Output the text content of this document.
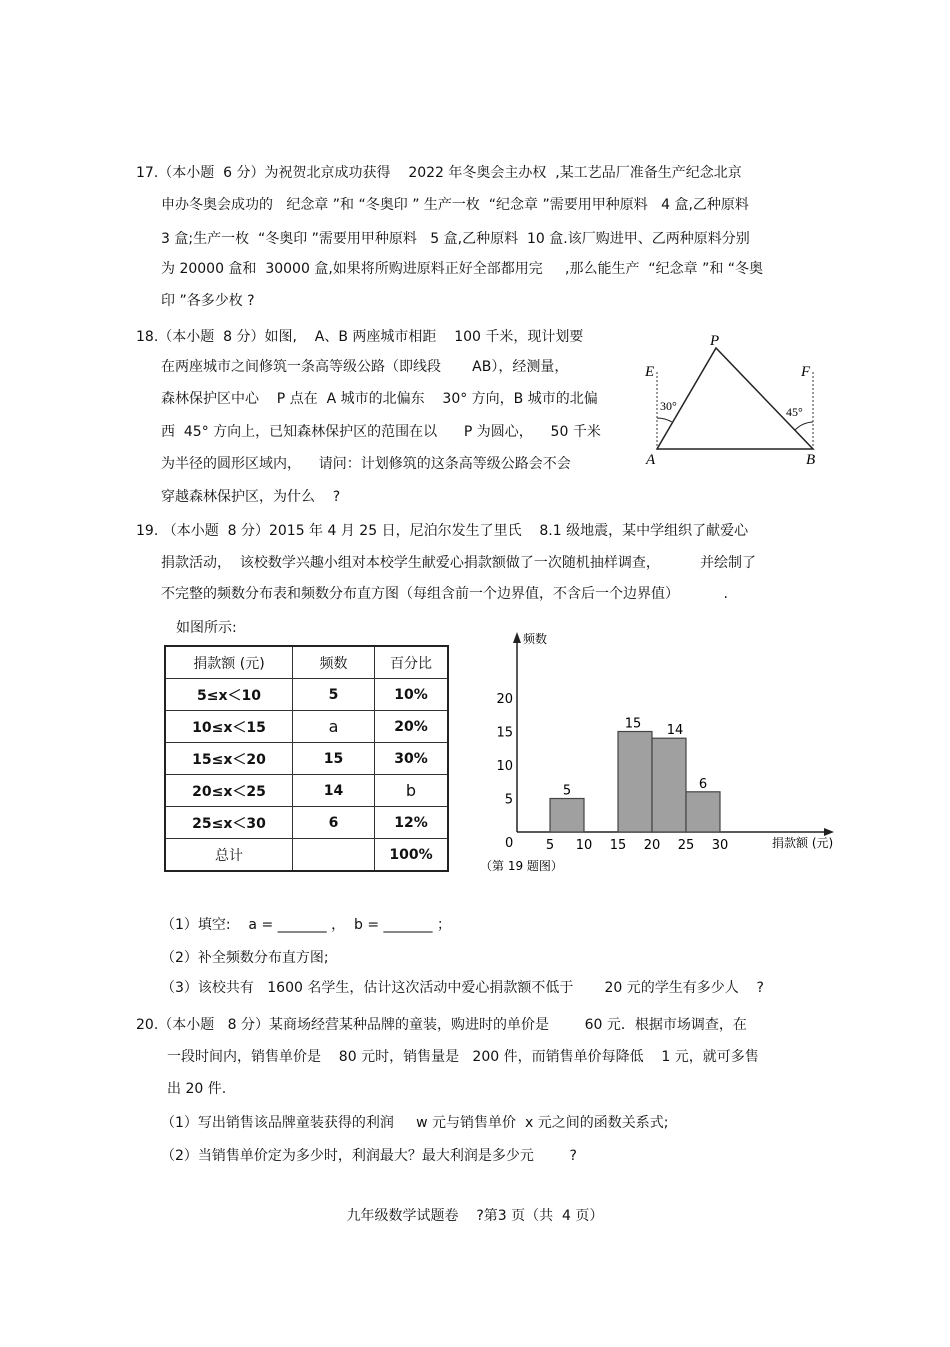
17.（本小题  6 分）为祝贺北京成功获得    2022 年冬奥会主办权  ,某工艺品厂准备生产纪念北京
申办冬奥会成功的   纪念章 ”和 “冬奥印 ” 生产一枚  “纪念章 ”需要用甲种原料   4 盒,乙种原料
3 盒;生产一枚  “冬奥印 ”需要用甲种原料   5 盒,乙种原料  10 盒.该厂购进甲、乙两种原料分别
为 20000 盒和  30000 盒,如果将所购进原料正好全部都用完     ,那么能生产  “纪念章 ”和 “冬奥
印 ”各多少枚 ?
18.（本小题  8 分）如图,    A、B 两座城市相距    100 千米，现计划要
在两座城市之间修筑一条高等级公路（即线段       AB），经测量，
森林保护区中心    P 点在  A 城市的北偏东    30° 方向，B 城市的北偏
西  45° 方向上，已知森林保护区的范围在以      P 为圆心，    50 千米
为半径的圆形区域内，    请问：计划修筑的这条高等级公路会不会
穿越森林保护区，为什么    ?
P
E	F
A	B
30°	45°
19. （本小题  8 分）2015 年 4 月 25 日，尼泊尔发生了里氏    8.1 级地震，某中学组织了献爱心
捐款活动，  该校数学兴趣小组对本校学生献爱心捐款额做了一次随机抽样调查，         并绘制了
不完整的频数分布表和频数分布直方图（每组含前一个边界值，不含后一个边界值）          .
如图所示:
捐款额 (元)	频数	百分比
5≤x＜10	5	10%
10≤x＜15	a	20%
15≤x＜20	15	30%
20≤x＜25	14	b
25≤x＜30	6	12%
总计		100%
频数
捐款额 (元)
0
5
10
15
20
5 10 15 20 25 30
5
15 14
6
（第 19 题图）
（1）填空:    a = _______ ，  b = _______ ；
（2）补全频数分布直方图;
（3）该校共有   1600 名学生，估计这次活动中爱心捐款额不低于       20 元的学生有多少人    ?
20.（本小题   8 分）某商场经营某种品牌的童装，购进时的单价是        60 元．根据市场调查，在
一段时间内，销售单价是    80 元时，销售量是   200 件，而销售单价每降低    1 元，就可多售
出 20 件.
（1）写出销售该品牌童装获得的利润     w 元与销售单价  x 元之间的函数关系式;
（2）当销售单价定为多少时，利润最大？最大利润是多少元        ?
九年级数学试题卷    ?第3 页（共  4 页）
